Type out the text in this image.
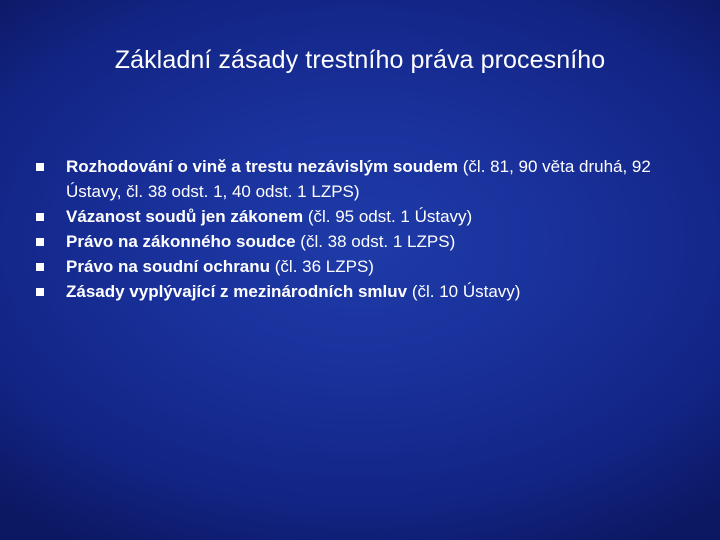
Základní zásady trestního práva procesního
Rozhodování o vině a trestu nezávislým soudem (čl. 81, 90 věta druhá, 92 Ústavy, čl. 38 odst. 1, 40 odst. 1 LZPS)
Vázanost soudů jen zákonem (čl. 95 odst. 1 Ústavy)
Právo na zákonného soudce (čl. 38 odst. 1 LZPS)
Právo na soudní ochranu (čl. 36 LZPS)
Zásady vyplývající z mezinárodních smluv (čl. 10 Ústavy)
